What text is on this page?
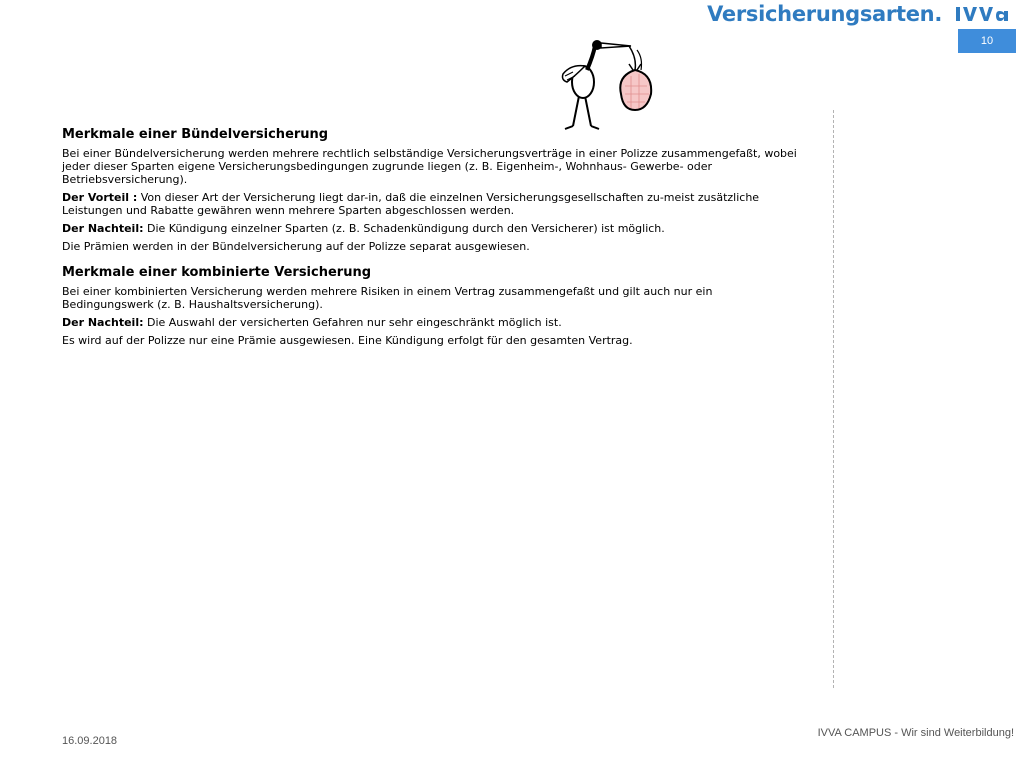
Versicherungsarten.
10
Merkmale einer Bündelversicherung

Bei einer Bündelversicherung werden mehrere rechtlich selbständige Versicherungsverträge in einer Polizze zusammengefaßt, wobei jeder dieser Sparten eigene Versicherungsbedingungen zugrunde liegen (z. B. Eigenheim-, Wohnhaus- Gewerbe- oder Betriebsversicherung).

Der Vorteil : Von dieser Art der Versicherung liegt dar-in, daß die einzelnen Versicherungsgesellschaften zu-meist zusätzliche Leistungen und Rabatte gewähren wenn mehrere Sparten abgeschlossen werden.

Der Nachteil: Die Kündigung einzelner Sparten (z. B. Schadenkündigung durch den Versicherer) ist möglich.

Die Prämien werden in der Bündelversicherung auf der Polizze separat ausgewiesen.

Merkmale einer kombinierte Versicherung

Bei einer kombinierten Versicherung werden mehrere Risiken in einem Vertrag zusammengefaßt und gilt auch nur ein Bedingungswerk (z. B. Haushaltsversicherung).

Der Nachteil: Die Auswahl der versicherten Gefahren nur sehr eingeschränkt möglich ist.

Es wird auf der Polizze nur eine Prämie ausgewiesen. Eine Kündigung erfolgt für den gesamten Vertrag.

16.09.2018
IVVA CAMPUS - Wir sind Weiterbildung!
